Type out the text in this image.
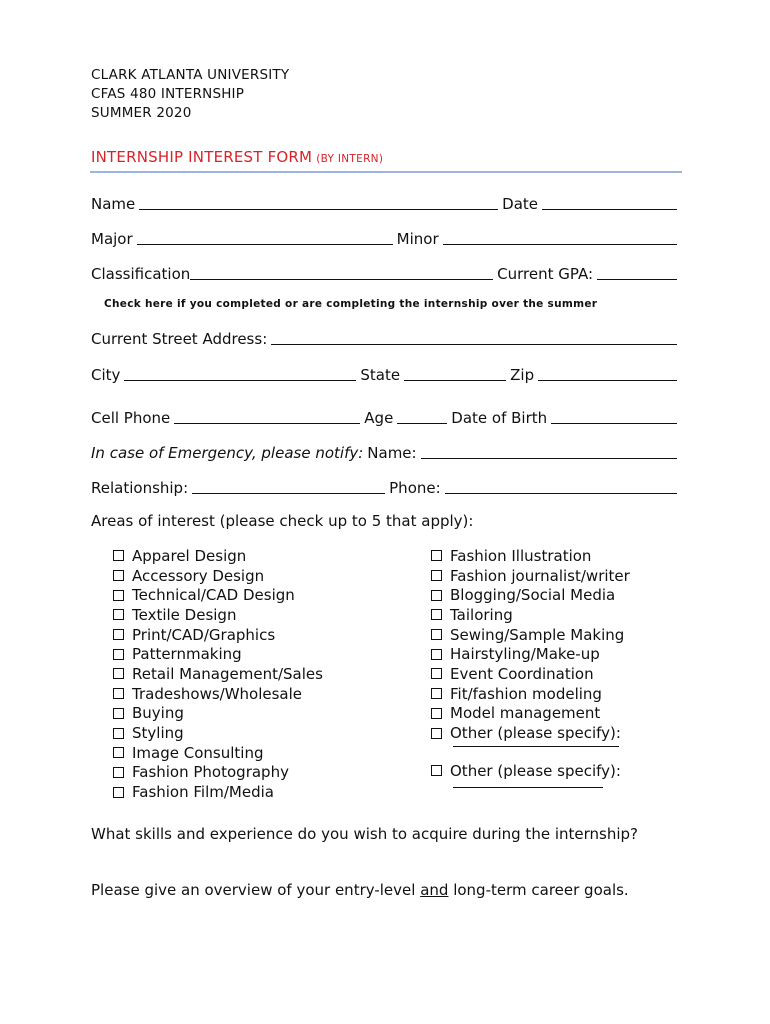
CLARK ATLANTA UNIVERSITY
CFAS 480 INTERNSHIP
SUMMER 2020
INTERNSHIP INTEREST FORM (BY INTERN)
Name	Date
Major	Minor
Classification	Current GPA:
Check here if you completed or are completing the internship over the summer
Current Street Address:
City	State	Zip
Cell Phone	Age	Date of Birth
In case of Emergency, please notify: Name:
Relationship:	Phone:
Areas of interest (please check up to 5 that apply):
Apparel Design
Accessory Design
Technical/CAD Design
Textile Design
Print/CAD/Graphics
Patternmaking
Retail Management/Sales
Tradeshows/Wholesale
Buying
Styling
Image Consulting
Fashion Photography
Fashion Film/Media
Fashion Illustration
Fashion journalist/writer
Blogging/Social Media
Tailoring
Sewing/Sample Making
Hairstyling/Make-up
Event Coordination
Fit/fashion modeling
Model management
Other (please specify):
Other (please specify):
What skills and experience do you wish to acquire during the internship?
Please give an overview of your entry-level and long-term career goals.
